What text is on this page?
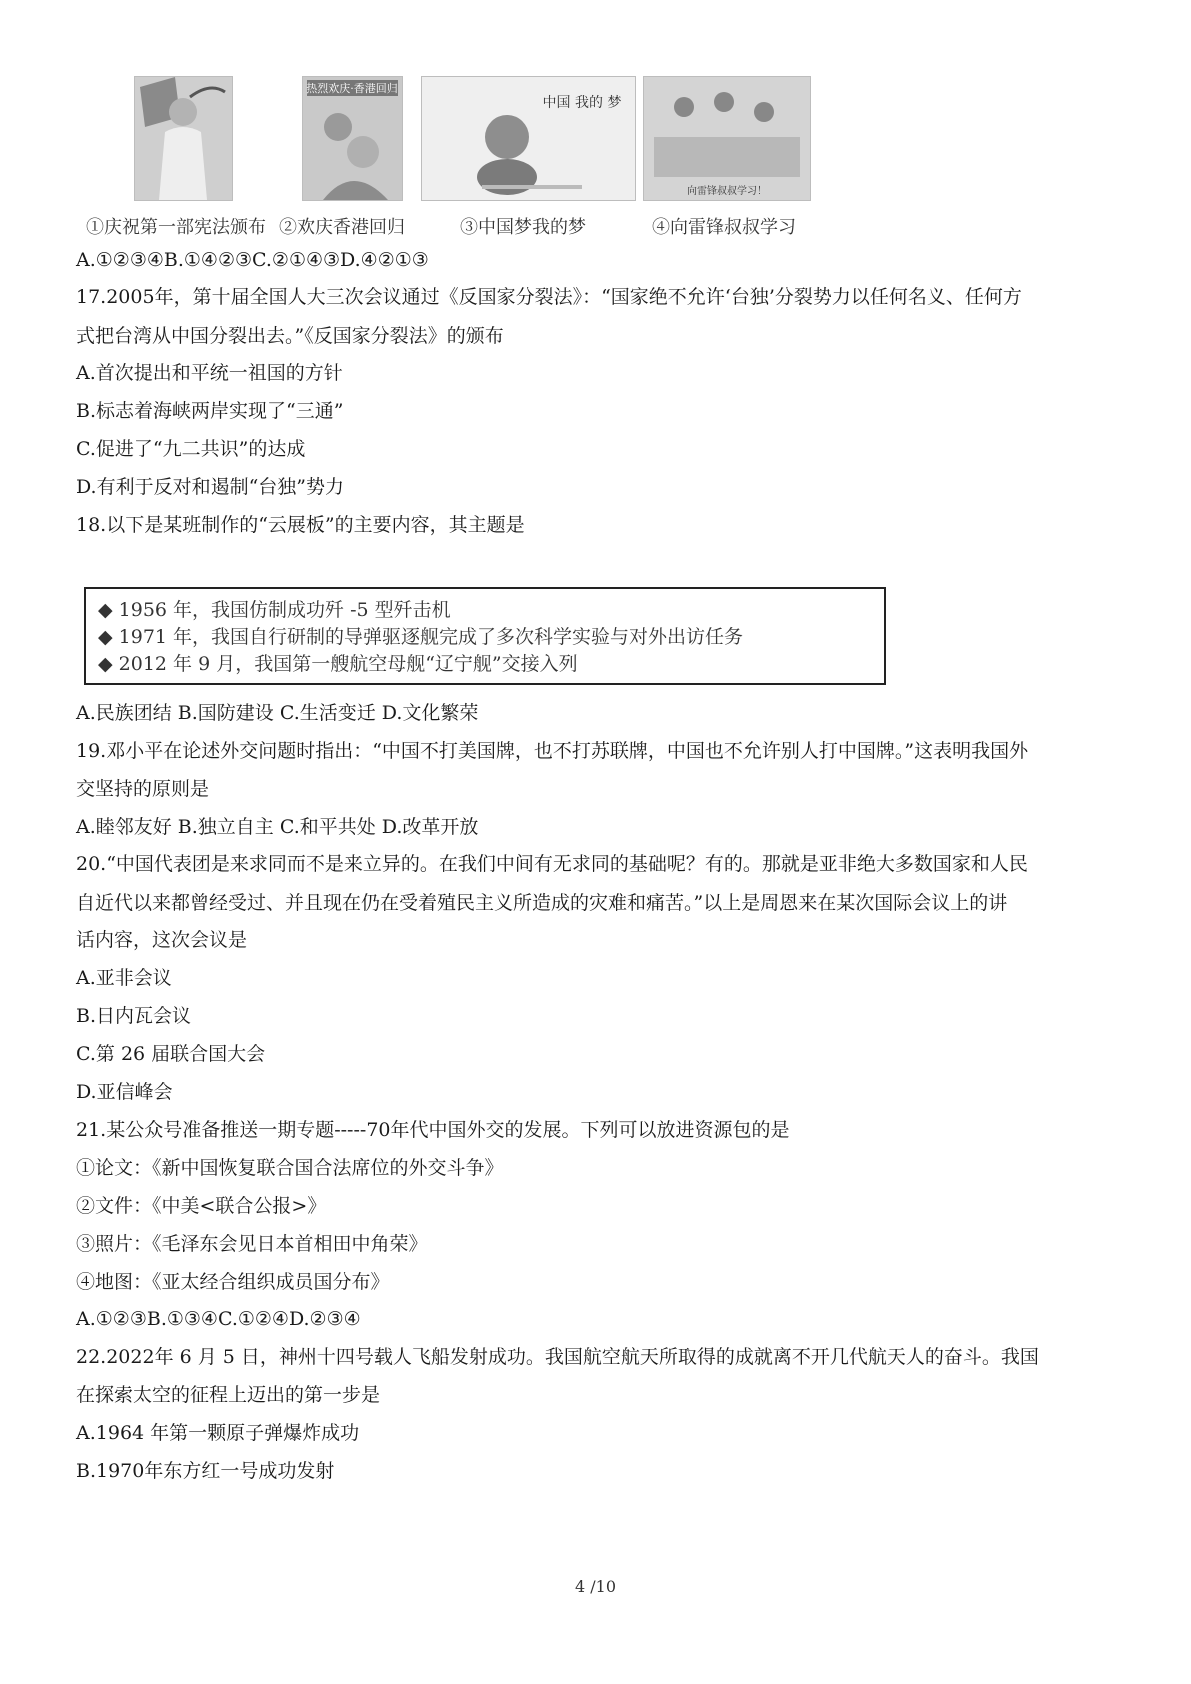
热烈欢庆·香港回归
中国 我的 梦
向雷锋叔叔学习！
①庆祝第一部宪法颁布 ②欢庆香港回归	③中国梦我的梦	④向雷锋叔叔学习
A.①②③④B.①④②③C.②①④③D.④②①③
17.2005年，第十届全国人大三次会议通过《反国家分裂法》：“国家绝不允许‘台独’分裂势力以任何名义、任何方
式把台湾从中国分裂出去。”《反国家分裂法》的颁布
A.首次提出和平统一祖国的方针
B.标志着海峡两岸实现了“三通”
C.促进了“九二共识”的达成
D.有利于反对和遏制“台独”势力
18.以下是某班制作的“云展板”的主要内容，其主题是
◆ 1956 年，我国仿制成功歼 -5 型歼击机
◆ 1971 年，我国自行研制的导弹驱逐舰完成了多次科学实验与对外出访任务
◆ 2012 年 9 月，我国第一艘航空母舰“辽宁舰”交接入列
A.民族团结 B.国防建设 C.生活变迁 D.文化繁荣
19.邓小平在论述外交问题时指出：“中国不打美国牌，也不打苏联牌，中国也不允许别人打中国牌。”这表明我国外
交坚持的原则是
A.睦邻友好 B.独立自主 C.和平共处 D.改革开放
20.“中国代表团是来求同而不是来立异的。在我们中间有无求同的基础呢？有的。那就是亚非绝大多数国家和人民
自近代以来都曾经受过、并且现在仍在受着殖民主义所造成的灾难和痛苦。”以上是周恩来在某次国际会议上的讲
话内容，这次会议是
A.亚非会议
B.日内瓦会议
C.第 26 届联合国大会
D.亚信峰会
21.某公众号准备推送一期专题-----70年代中国外交的发展。下列可以放进资源包的是
①论文：《新中国恢复联合国合法席位的外交斗争》
②文件：《中美<联合公报>》
③照片：《毛泽东会见日本首相田中角荣》
④地图：《亚太经合组织成员国分布》
A.①②③B.①③④C.①②④D.②③④
22.2022年 6 月 5 日，神州十四号载人飞船发射成功。我国航空航天所取得的成就离不开几代航天人的奋斗。我国
在探索太空的征程上迈出的第一步是
A.1964 年第一颗原子弹爆炸成功
B.1970年东方红一号成功发射
4 /10
